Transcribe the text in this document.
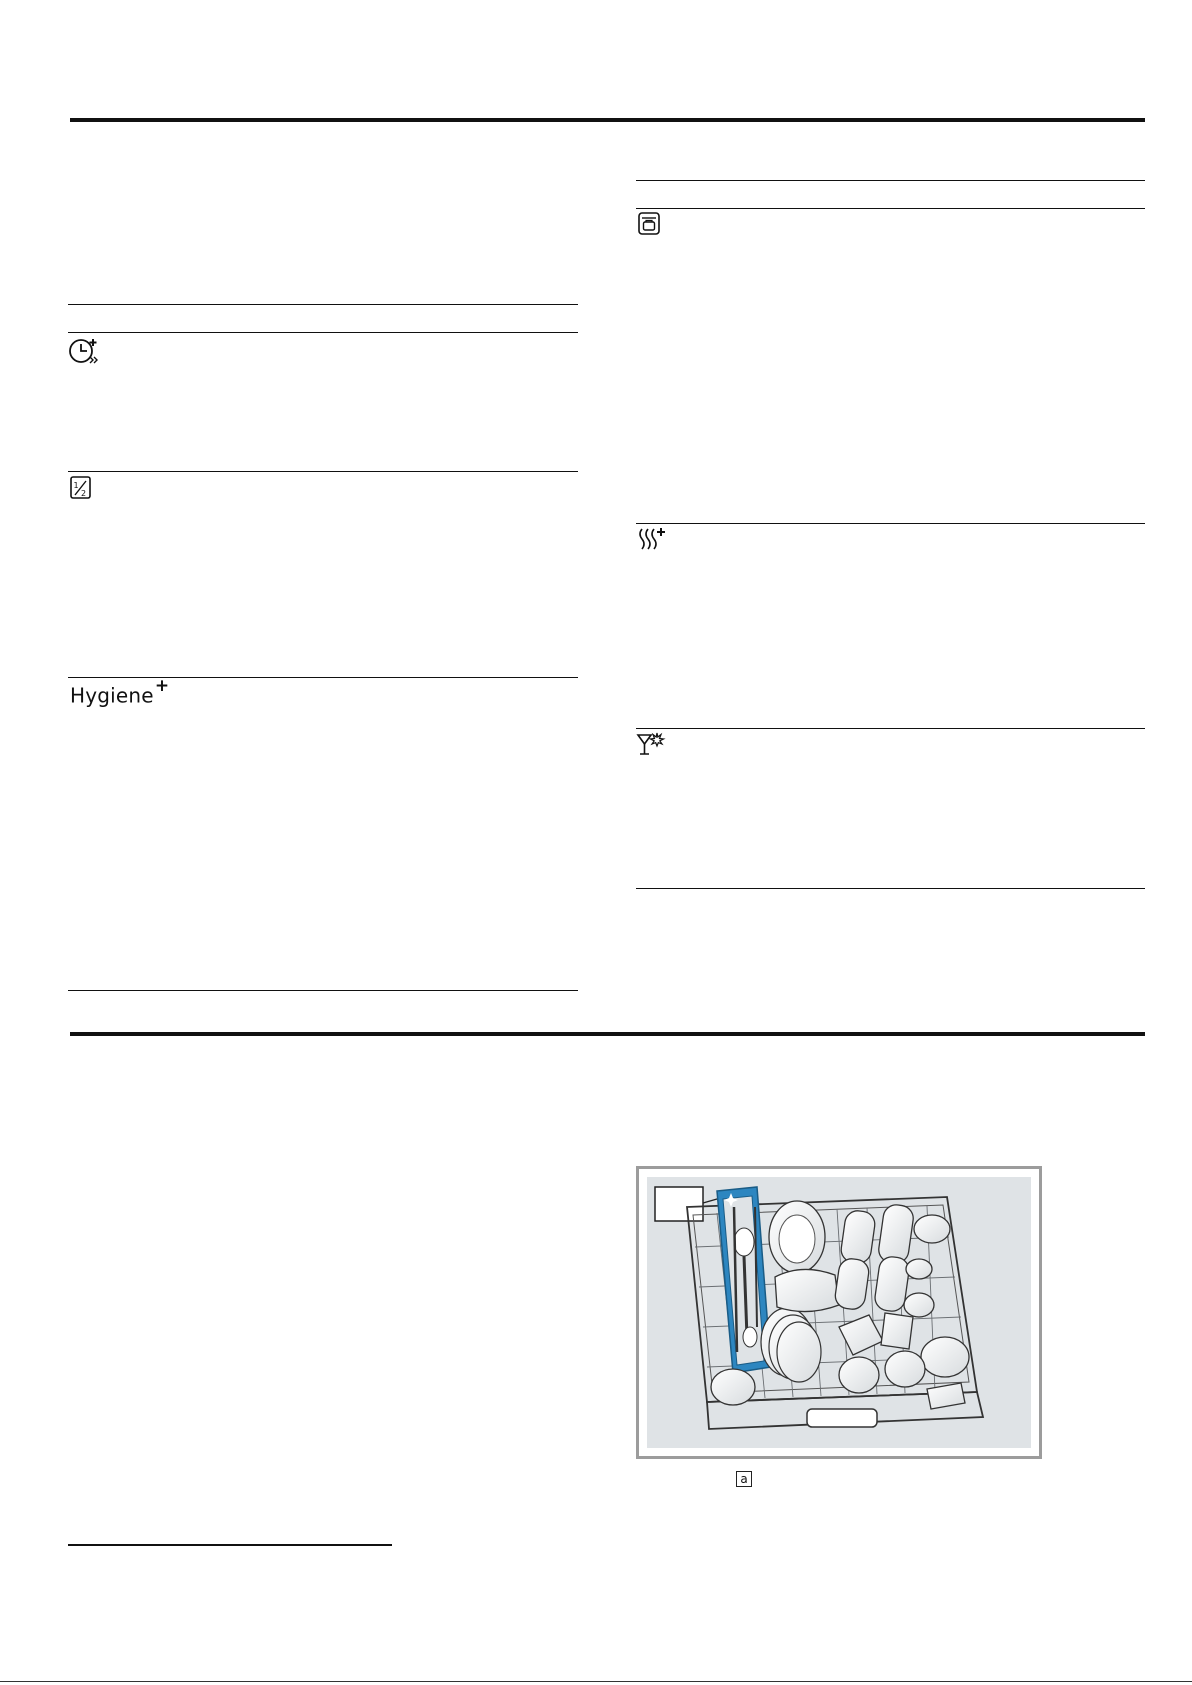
1
2
Hygiene+
a
